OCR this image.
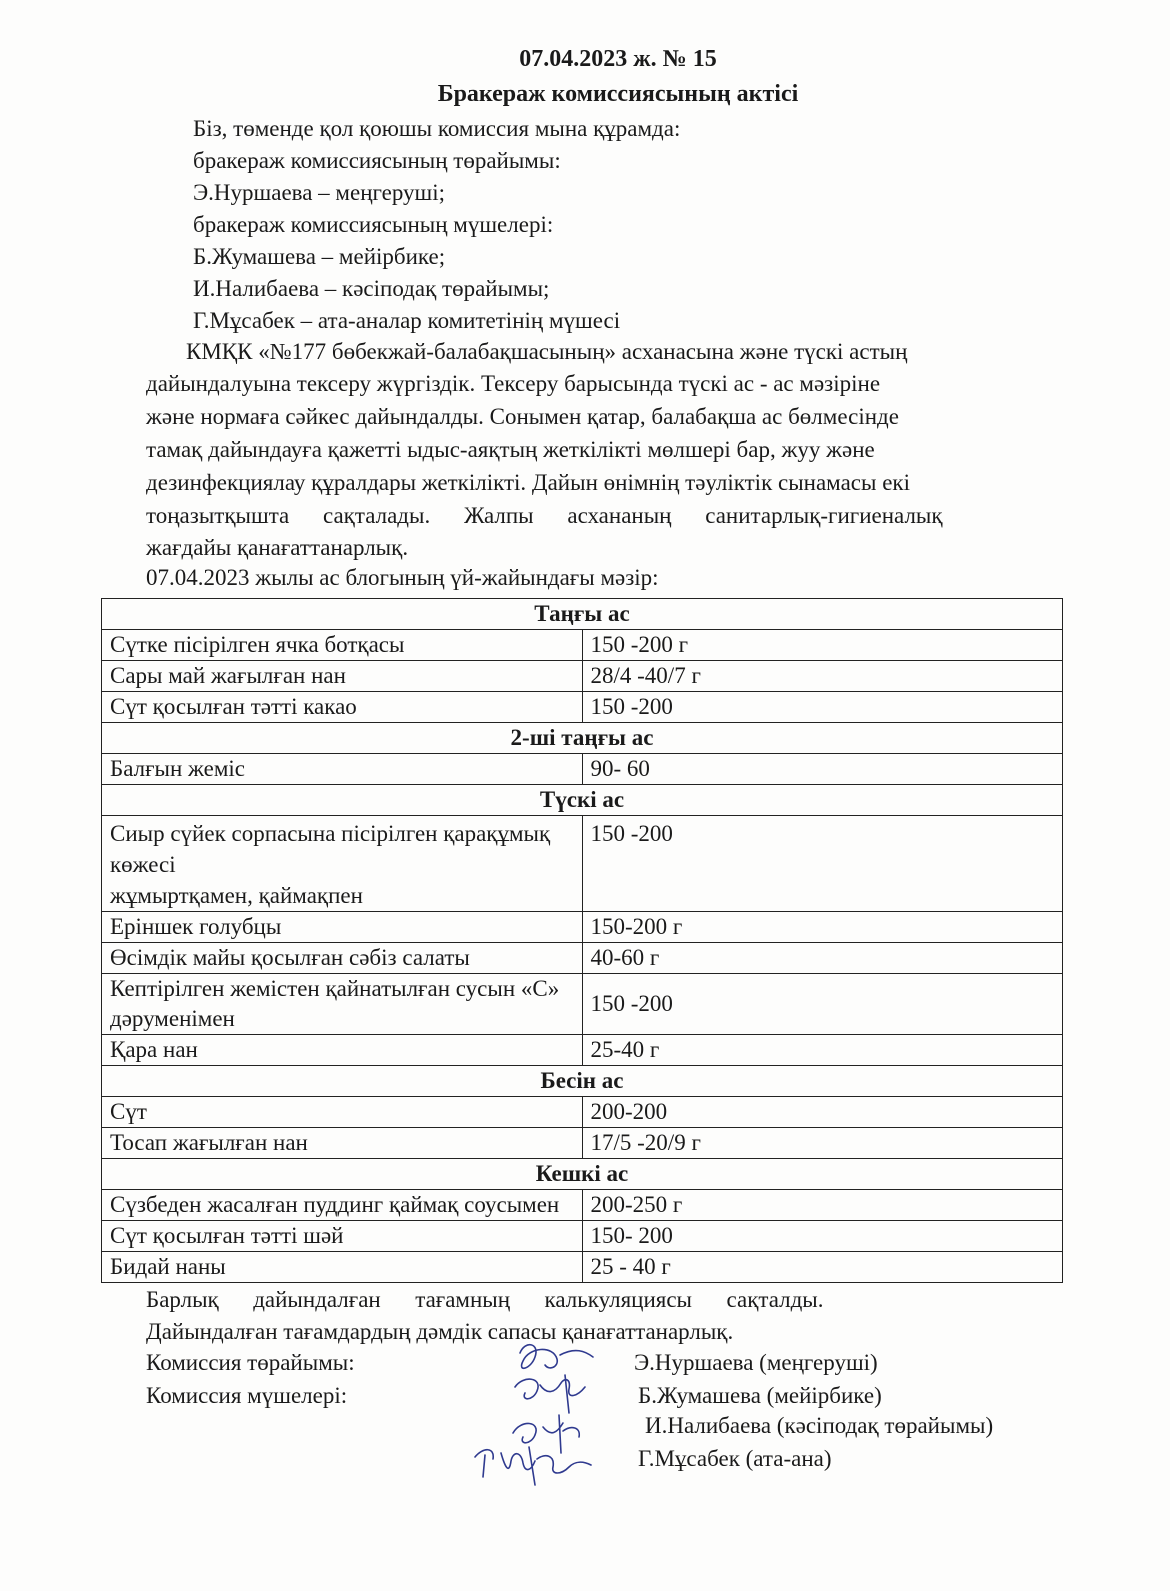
07.04.2023 ж. № 15
Бракераж комиссиясының актісі
Біз, төменде қол қоюшы комиссия мына құрамда:
бракераж комиссиясының төрайымы:
Э.Нуршаева – меңгеруші;
бракераж комиссиясының мүшелері:
Б.Жумашева – мейірбике;
И.Налибаева – кәсіподақ төрайымы;
Г.Мұсабек – ата-аналар комитетінің мүшесі
КМҚК «№177 бөбекжай-балабақшасының» асханасына және түскі астың
дайындалуына тексеру жүргіздік. Тексеру барысында түскі ас - ас мәзіріне
және нормаға сәйкес дайындалды. Сонымен қатар, балабақша ас бөлмесінде
тамақ дайындауға қажетті ыдыс-аяқтың жеткілікті мөлшері бар, жуу және
дезинфекциялау құралдары жеткілікті. Дайын өнімнің тәуліктік сынамасы екі
тоңазытқышта сақталады. Жалпы асхананың санитарлық-гигиеналық
жағдайы қанағаттанарлық.
07.04.2023 жылы ас блогының үй-жайындағы мәзір:
Таңғы ас	
Сүтке пісірілген ячка ботқасы	150 -200 г
Сары май жағылған нан	28/4 -40/7 г
Сүт қосылған тәтті какао	150 -200
2-ші таңғы ас	
Балғын жеміс	90- 60
Түскі ас	
Сиыр сүйек сорпасына пісірілген қарақұмық көжесі
жұмыртқамен, қаймақпен	150 -200
Еріншек голубцы	150-200 г
Өсімдік майы қосылған сәбіз салаты	40-60 г
Кептірілген жемістен қайнатылған сусын «С» дәруменімен	150 -200
Қара нан	25-40 г
Бесін ас	
Сүт	200-200
Тосап жағылған нан	17/5 -20/9 г
Кешкі ас	
Сүзбеден жасалған пуддинг қаймақ соусымен	200-250 г
Сүт қосылған тәтті шәй	150- 200
Бидай наны	25 - 40 г
Барлық      дайындалған      тағамның      калькуляциясы      сақталды.
Дайындалған тағамдардың дәмдік сапасы қанағаттанарлық.
Комиссия төрайымы:
Комиссия мүшелері:
Э.Нуршаева (меңгеруші)
Б.Жумашева (мейірбике)
И.Налибаева (кәсіподақ төрайымы)
Г.Мұсабек (ата-ана)
